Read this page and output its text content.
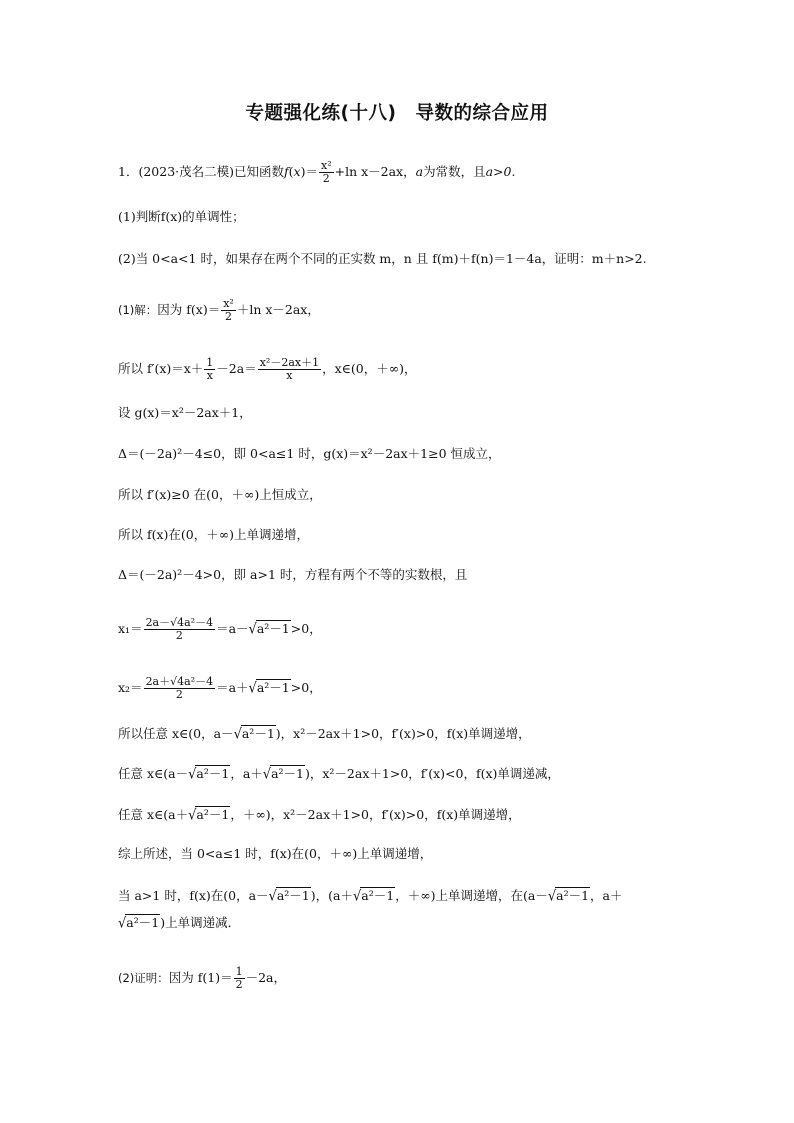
专题强化练(十八)　导数的综合应用
1．(2023·茂名二模)已知函数$f(x)= \frac{\text{x²}}{2} +\ln$ x－2ax，a为常数，且a>0.
(1)判断f(x)的单调性；
(2)当 0<a<1 时，如果存在两个不同的正实数 m，n 且 f(m)＋f(n)＝1－4a，证明：m＋n>2.
(1)解：因为 $f(x)= \frac{\text{x²}}{2} +\ln$ x－2ax，
所以 $f'(x)=x+ \frac{1}{x} -2a= \frac{\text{x²－2ax＋1}}{x}$ ，x∈(0，＋∞)，
设 g(x)＝x²－2ax＋1，
Δ＝(－2a)²－4≤0，即 0<a≤1 时，g(x)＝x²－2ax＋1≥0 恒成立，
所以 f′(x)≥0 在(0，＋∞)上恒成立，
所以 f(x)在(0，＋∞)上单调递增，
Δ＝(－2a)²－4>0，即 a>1 时，方程有两个不等的实数根，且
$x_1= \frac{\text{2a－√4a²－4}}{2} =a-√a^2-1>0$，
$x_2= \frac{\text{2a＋√4a²－4}}{2} =a+√a^2-1>0$，
所以任意 x∈(0，a－√a²－1)，x²－2ax＋1>0，f′(x)>0，f(x)单调递增，
任意 x∈(a－√a²－1，a＋√a²－1)，x²－2ax＋1>0，f′(x)<0，f(x)单调递减，
任意 x∈(a＋√a²－1，＋∞)，x²－2ax＋1>0，f′(x)>0，f(x)单调递增，
综上所述，当 0<a≤1 时，f(x)在(0，＋∞)上单调递增，
当 a>1 时，f(x)在(0，a－√a²－1)，(a＋√a²－1，＋∞)上单调递增，在(a－√a²－1，a＋
√a²－1)上单调递减．
(2)证明：因为 $f(1)= \frac{1}{2} -2a$，
